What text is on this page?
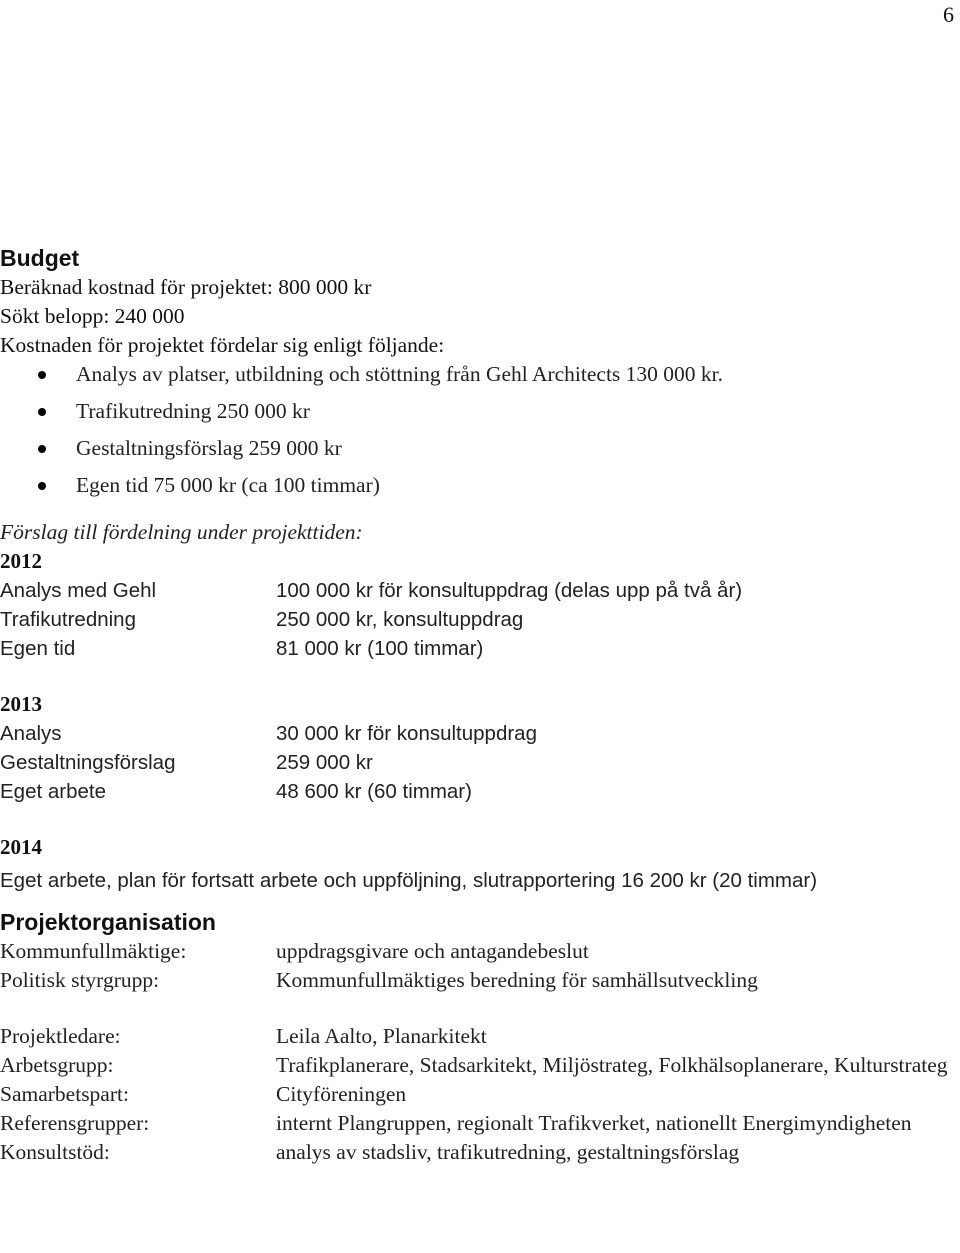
6
Budget

Beräknad kostnad för projektet: 800 000 kr

Sökt belopp: 240 000

Kostnaden för projektet fördelar sig enligt följande:

Analys av platser, utbildning och stöttning från Gehl Architects 130 000 kr.
Trafikutredning 250 000 kr
Gestaltningsförslag 259 000 kr
Egen tid 75 000 kr (ca 100 timmar)

Förslag till fördelning under projekttiden:

2012

Analys med Gehl	100 000 kr för konsultuppdrag (delas upp på två år)
Trafikutredning	250 000 kr, konsultuppdrag
Egen tid	81 000 kr (100 timmar)

2013

Analys	30 000 kr för konsultuppdrag
Gestaltningsförslag	259 000 kr
Eget arbete	48 600 kr (60 timmar)

2014

Eget arbete, plan för fortsatt arbete och uppföljning, slutrapportering 16 200 kr (20 timmar)

Projektorganisation
Kommunfullmäktige:	uppdragsgivare och antagandebeslut
Politisk styrgrupp:	Kommunfullmäktiges beredning för samhällsutveckling
Projektledare:	Leila Aalto, Planarkitekt
Arbetsgrupp:	Trafikplanerare, Stadsarkitekt, Miljöstrateg, Folkhälsoplanerare, Kulturstrateg
Samarbetspart:	Cityföreningen
Referensgrupper:	internt Plangruppen, regionalt Trafikverket, nationellt Energimyndigheten
Konsultstöd:	analys av stadsliv, trafikutredning, gestaltningsförslag
